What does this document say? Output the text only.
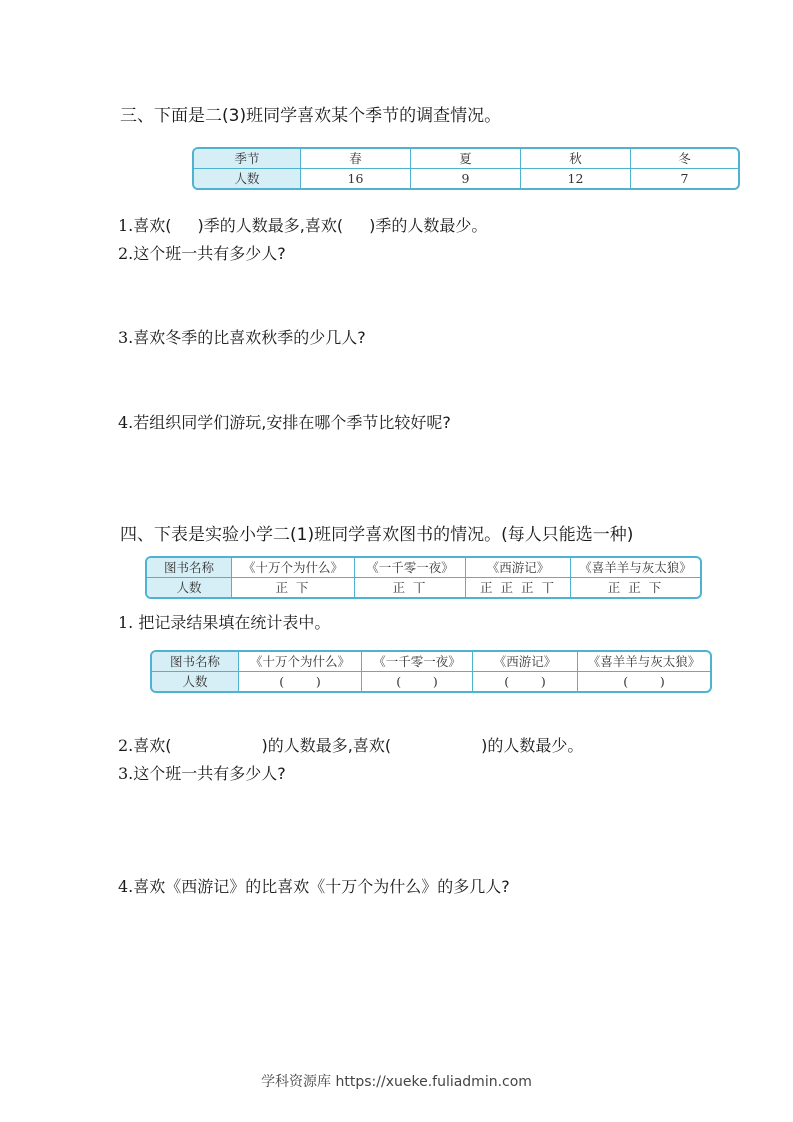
三、下面是二(3)班同学喜欢某个季节的调查情况。
季节	春	夏	秋	冬
人数	16	9	12	7
1.喜欢( )季的人数最多,喜欢( )季的人数最少。
2.这个班一共有多少人?
3.喜欢冬季的比喜欢秋季的少几人?
4.若组织同学们游玩,安排在哪个季节比较好呢?
四、下表是实验小学二(1)班同学喜欢图书的情况。(每人只能选一种)
图书名称	《十万个为什么》	《一千零一夜》	《西游记》	《喜羊羊与灰太狼》
人数	正 下	正 丅	正 正 正 丅	正 正 下
1. 把记录结果填在统计表中。
图书名称	《十万个为什么》	《一千零一夜》	《西游记》	《喜羊羊与灰太狼》
人数	(        )	(        )	(        )	(        )
2.喜欢(	)的人数最多,喜欢(	)的人数最少。
3.这个班一共有多少人?
4.喜欢《西游记》的比喜欢《十万个为什么》的多几人?
学科资源库 https://xueke.fuliadmin.com
